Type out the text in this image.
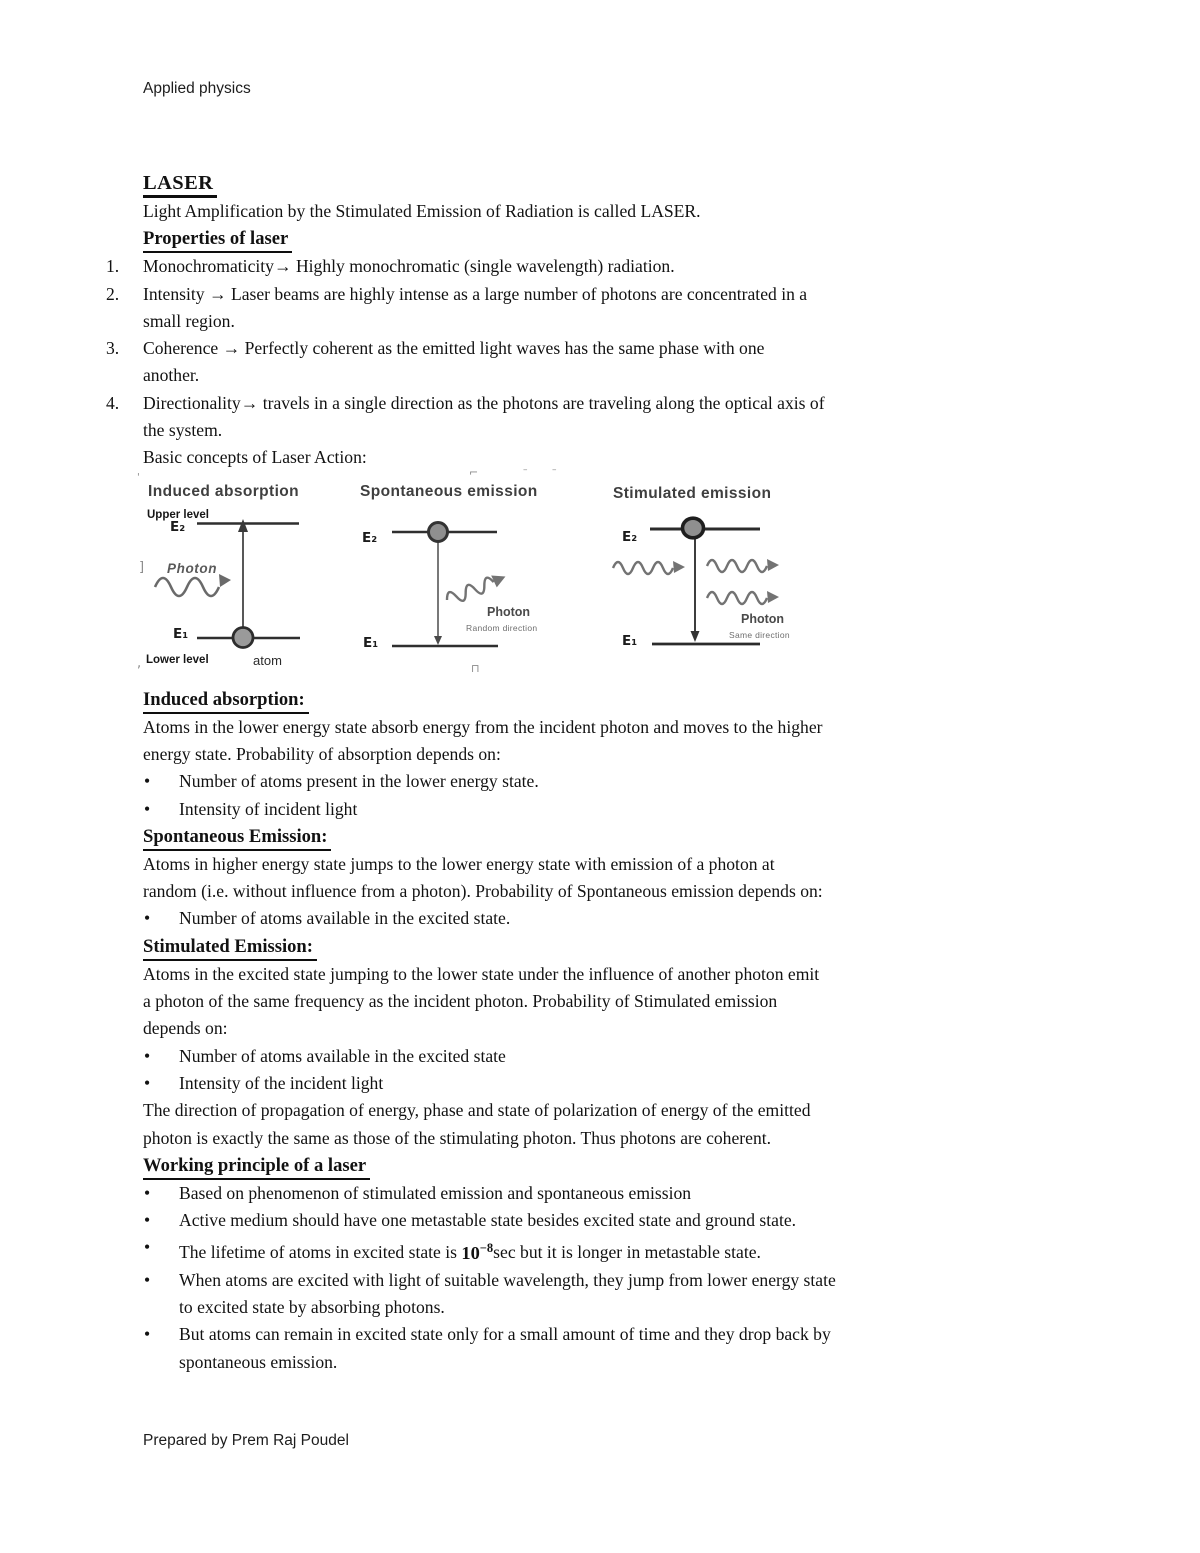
Applied physics
LASER
Light Amplification by the Stimulated Emission of Radiation is called LASER.
Properties of laser
1. Monochromaticity→ Highly monochromatic (single wavelength) radiation.
2. Intensity → Laser beams are highly intense as a large number of photons are concentrated in a
small region.
3. Coherence → Perfectly coherent as the emitted light waves has the same phase with one
another.
4. Directionality→ travels in a single direction as the photons are traveling along the optical axis of
the system.
Basic concepts of Laser Action:
Induced absorption
Upper level
E₂
Photon
E₁
Lower level	atom
Spontaneous emission
E₂
Photon
Random direction
E₁
Stimulated emission
E₂
Photon
Same direction
E₁
'
]
,
⌐	–	–
⊓
Induced absorption:
Atoms in the lower energy state absorb energy from the incident photon and moves to the higher
energy state. Probability of absorption depends on:
• Number of atoms present in the lower energy state.
• Intensity of incident light
Spontaneous Emission:
Atoms in higher energy state jumps to the lower energy state with emission of a photon at
random (i.e. without influence from a photon). Probability of Spontaneous emission depends on:
• Number of atoms available in the excited state.
Stimulated Emission:
Atoms in the excited state jumping to the lower state under the influence of another photon emit
a photon of the same frequency as the incident photon. Probability of Stimulated emission
depends on:
• Number of atoms available in the excited state
• Intensity of the incident light
The direction of propagation of energy, phase and state of polarization of energy of the emitted
photon is exactly the same as those of the stimulating photon. Thus photons are coherent.
Working principle of a laser
• Based on phenomenon of stimulated emission and spontaneous emission
• Active medium should have one metastable state besides excited state and ground state.
• The lifetime of atoms in excited state is $10^{-8}\sec$ but it is longer in metastable state.
• When atoms are excited with light of suitable wavelength, they jump from lower energy state
to excited state by absorbing photons.
• But atoms can remain in excited state only for a small amount of time and they drop back by
spontaneous emission.
Prepared by Prem Raj Poudel
